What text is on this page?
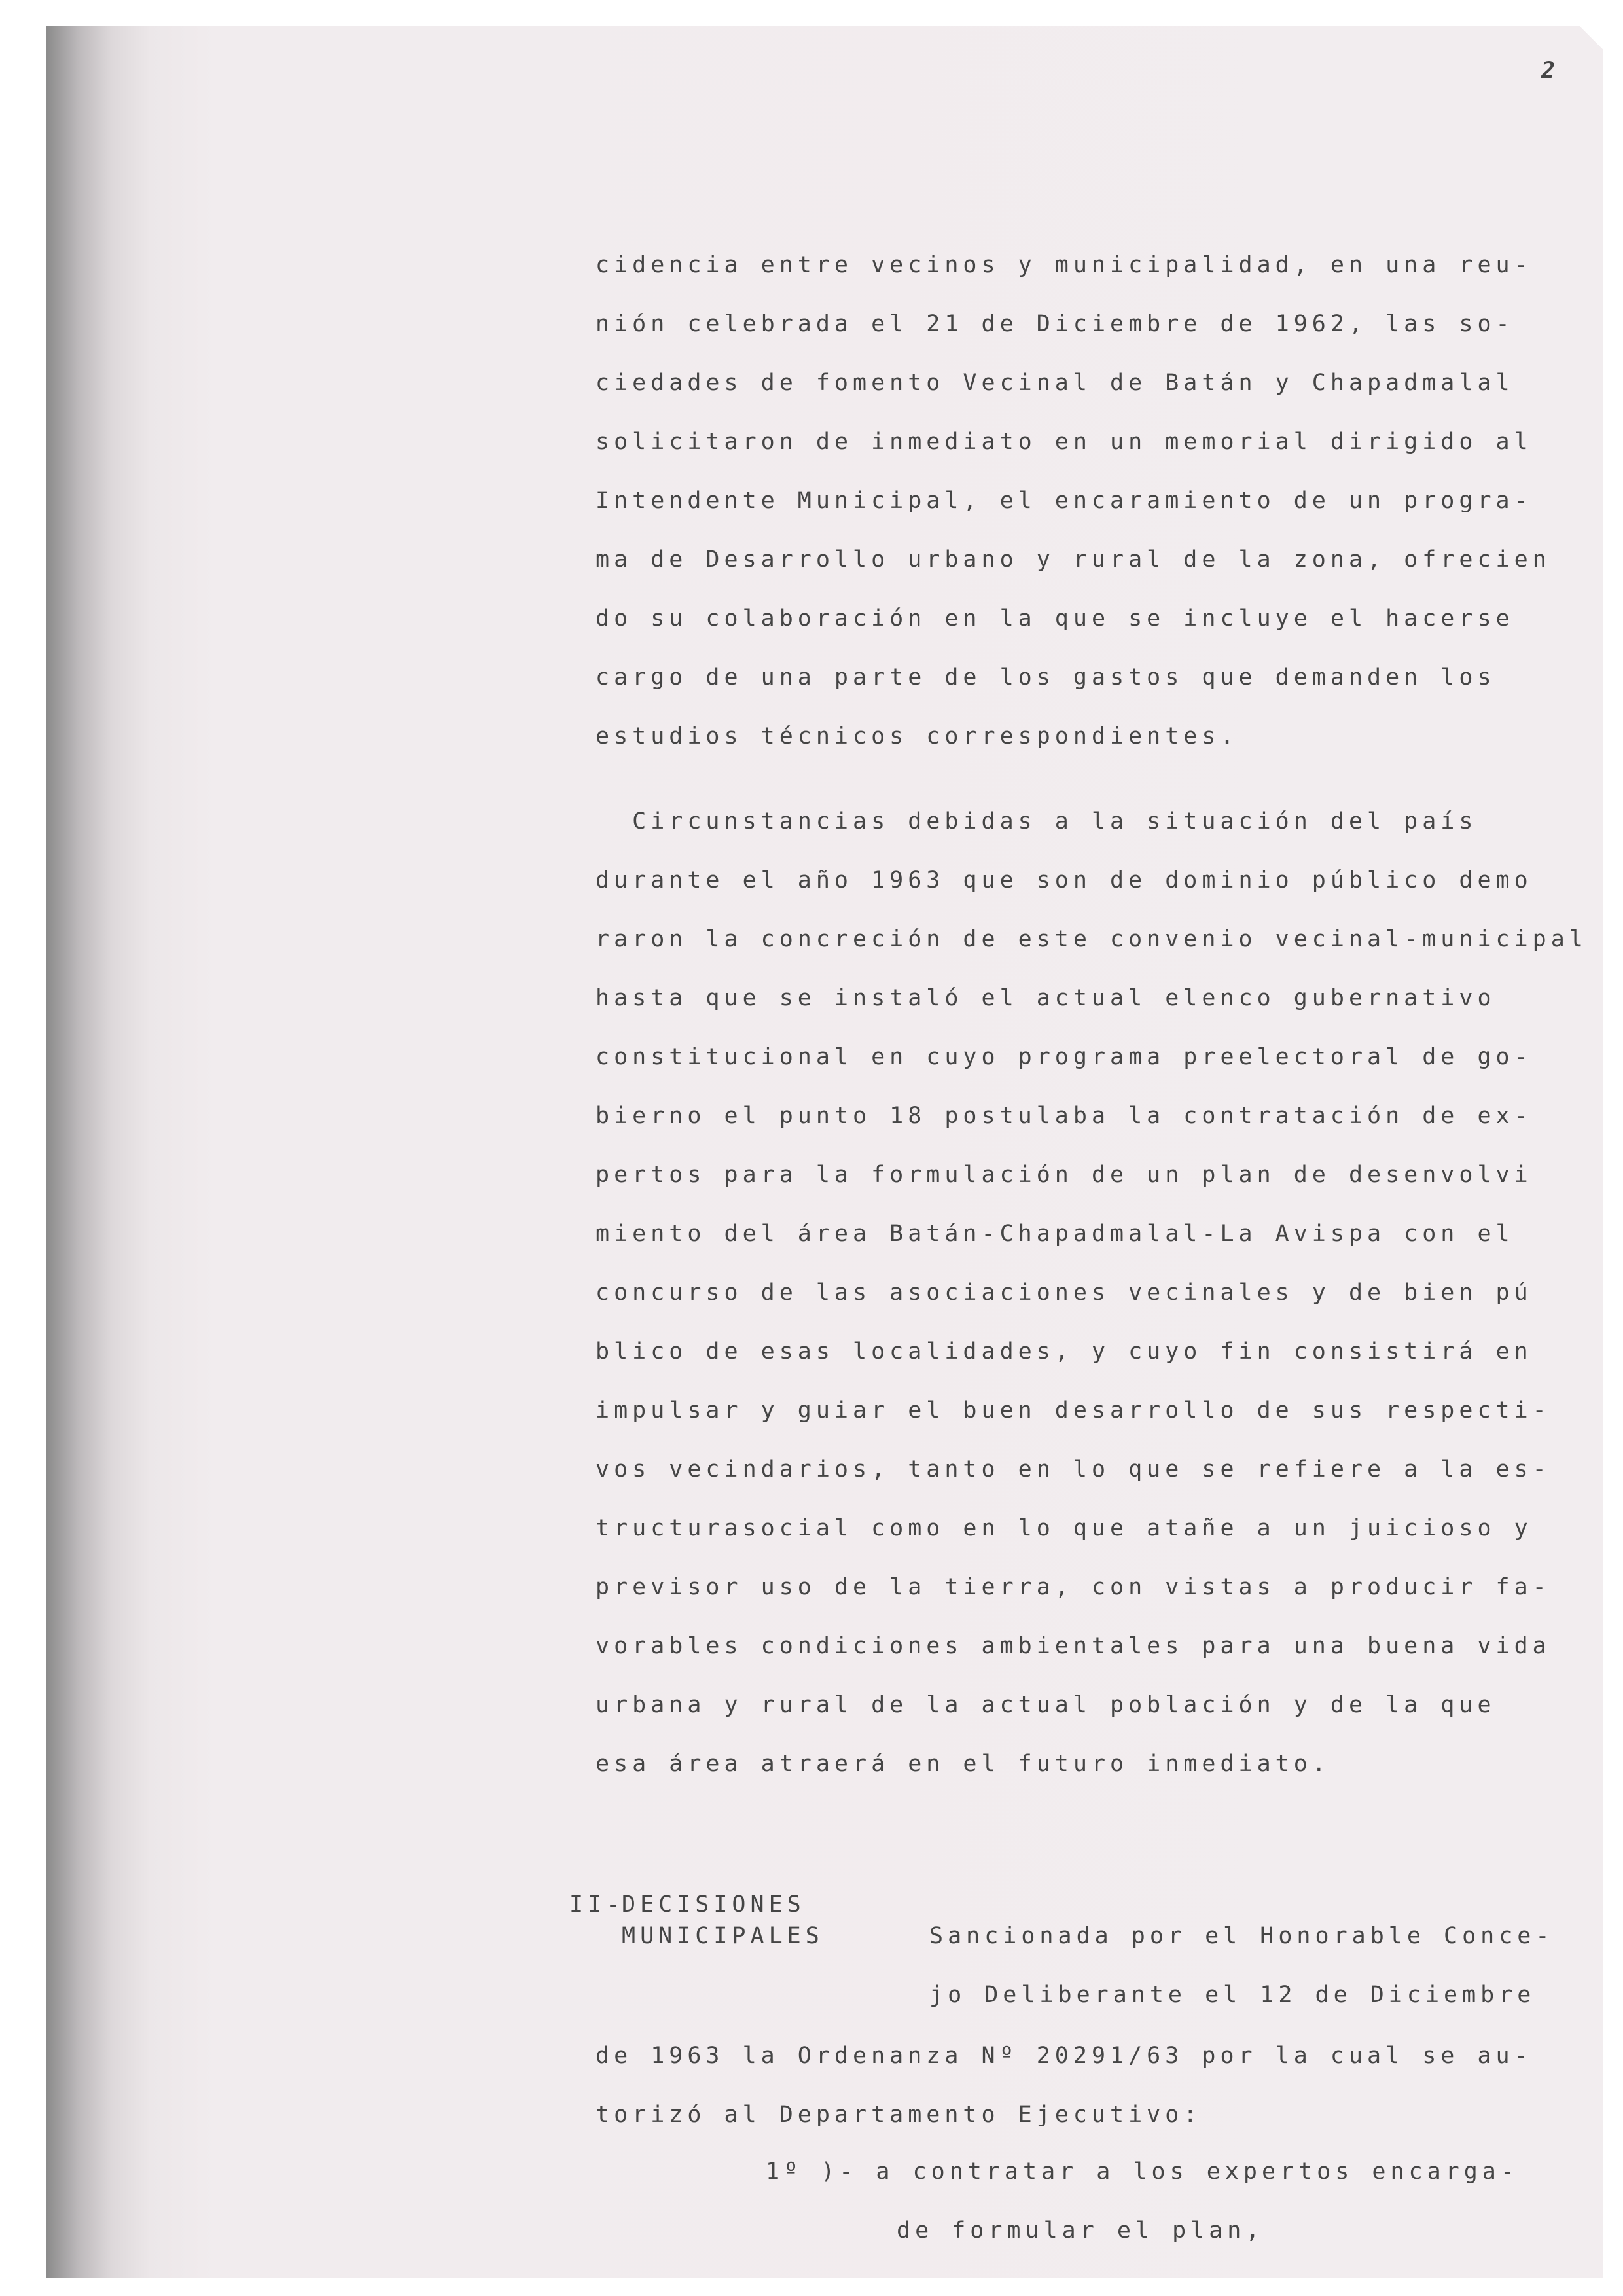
2
cidencia entre vecinos y municipalidad, en una reu-
nión celebrada el 21 de Diciembre de 1962, las so-
ciedades de fomento Vecinal de Batán y Chapadmalal
solicitaron de inmediato en un memorial dirigido al
Intendente Municipal, el encaramiento de un progra-
ma de Desarrollo urbano y rural de la zona, ofrecien
do su colaboración en la que se incluye el hacerse
cargo de una parte de los gastos que demanden los
estudios técnicos correspondientes.
Circunstancias debidas a la situación del país
durante el año 1963 que son de dominio público demo
raron la concreción de este convenio vecinal-municipal
hasta que se instaló el actual elenco gubernativo
constitucional en cuyo programa preelectoral de go-
bierno el punto 18 postulaba la contratación de ex-
pertos para la formulación de un plan de desenvolvi
miento del área Batán-Chapadmalal-La Avispa con el
concurso de las asociaciones vecinales y de bien pú
blico de esas localidades, y cuyo fin consistirá en
impulsar y guiar el buen desarrollo de sus respecti-
vos vecindarios, tanto en lo que se refiere a la es-
tructurasocial como en lo que atañe a un juicioso y
previsor uso de la tierra, con vistas a producir fa-
vorables condiciones ambientales para una buena vida
urbana y rural de la actual población y de la que
esa área atraerá en el futuro inmediato.
II-
DECISIONES
MUNICIPALES	Sancionada por el Honorable Conce-
jo Deliberante el 12 de Diciembre
de 1963 la Ordenanza Nº 20291/63 por la cual se au-
torizó al Departamento Ejecutivo:
1º )- a contratar a los expertos encarga-
de formular el plan,
